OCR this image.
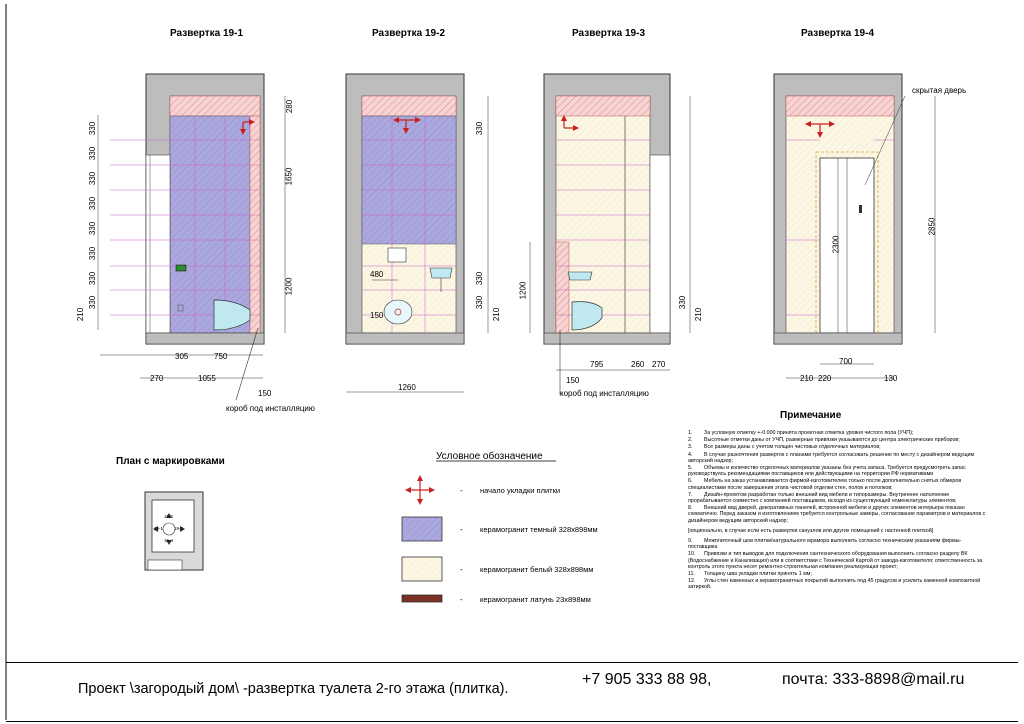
-
-
-
-
Развертка 19-1	Развертка 19-2	Развертка 19-3	Развертка 19-4
330
330
330
330
330
330
330
330
210
280
1650
1200
305	750
270	1055
150
короб под инсталляцию
330
330
330
210
480
150
1260
1200
330
210
795	260 270
150
короб под инсталляцию
2300
2850
700
210 220	130
скрытая дверь
План с маркировками
19-2
19-1 19-3
19-4
Условное обозначение
начало укладки плитки
керамогранит темный 328х898мм
керамогранит белый 328х898мм
керамогранит латунь 23х898мм
Примечание
1. За условную отметку +-0.000 принята проектная отметка уровня чистого пола (УЧП);
2. Высотные отметки даны от УЧП, размерные привязки указываются до центра электрических приборов;
3. Все размеры даны с учетом толщин чистовых отделочных материалов;
4. В случае разночтения разверток с планами требуется согласовать решение по месту с дизайнером ведущим авторский надзор;
5. Объемы и количество отделочных материалов указаны без учета запаса. Требуется предусмотреть запас руководствуясь рекомендациями поставщиков или действующими на территории РФ нормативами
6. Мебель на заказ устанавливается фирмой-изготовителем только после дополнительно снятых обмеров специалистами после завершения этапа чистовой отделки стен, полов и потолков;
7. Дизайн-проектом разработан только внешний вид мебели и типоразмеры. Внутреннее наполнение прорабатывается совместно с компанией поставщиком, исходя из существующей номенклатуры элементов;
8. Внешний вид дверей, декоративных панелей, встроенной мебели и других элементов интерьера показан схематично. Перед заказом и изготовлением требуется контрольные замеры, согласование параметров и материалов с дизайнером ведущим авторский надзор;
[опционально, в случае если есть развертки санузлов или других помещений с настенной плиткой]
9. Межплиточный шов плитки/натурального мрамора выполнить согласно техническим указаниям фирмы-поставщика
10. Привязки и тип выводов для подключения сантехнического оборудования выполнить согласно разделу ВК (Водоснабжение и Канализация) или в соответствии с Технической Картой от завода-изготовителя; ответственность за контроль этого пункта несет ремонтно-строительная компания реализующая проект;
11. Толщину шва укладки плитки принять 1 мм;
12. Углы стен каменных и керамогранитных покрытий выполнить под 45 градусов и усилить каменной композитной затиркой.
Проект \загородый дом\ -развертка туалета 2-го этажа (плитка).
+7 905 333 88 98,	почта: 333-8898@mail.ru
